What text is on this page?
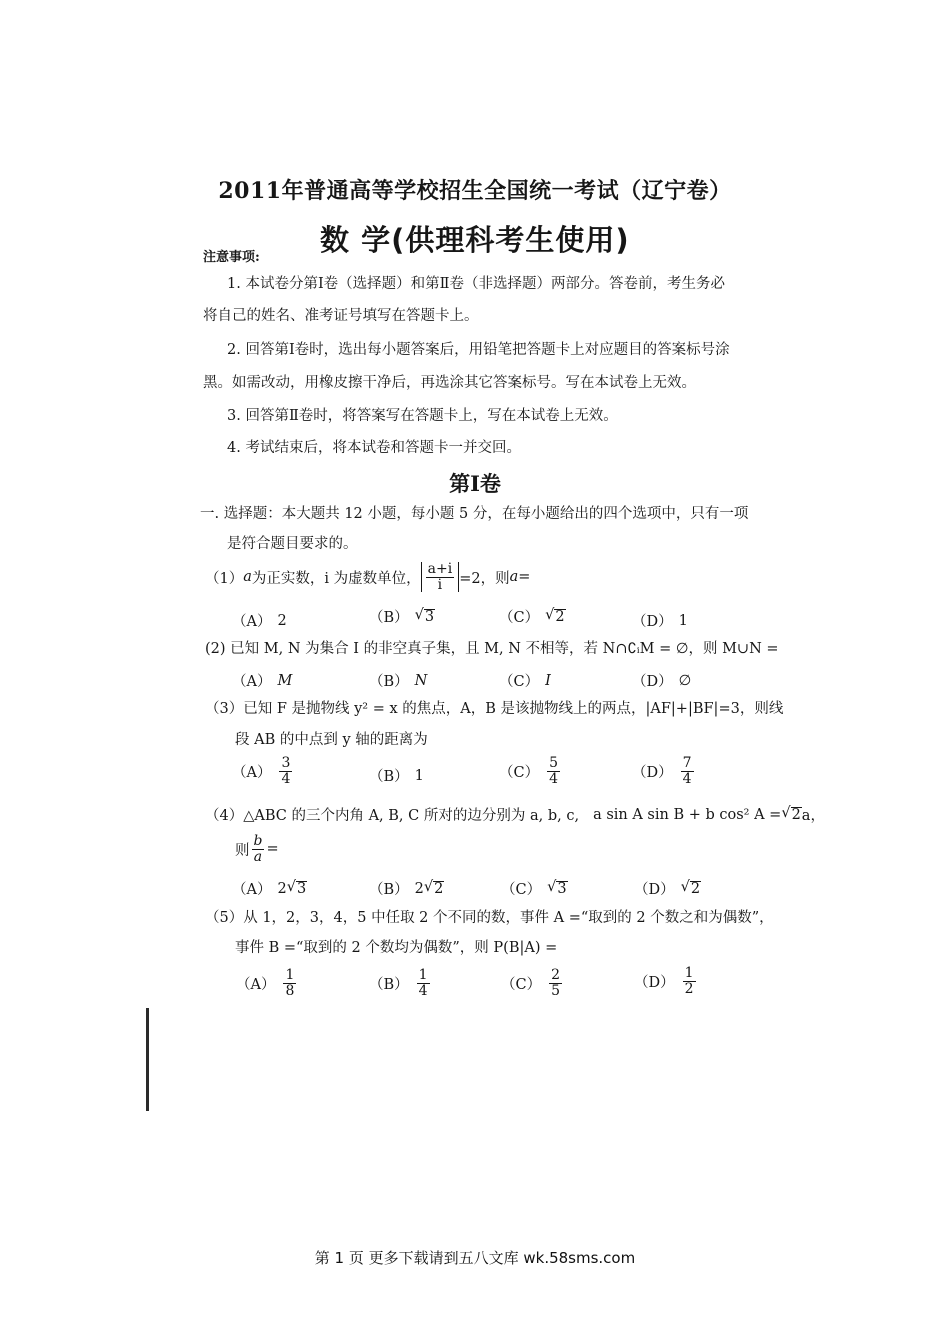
2011年普通高等学校招生全国统一考试（辽宁卷）
数 学(供理科考生使用)
注意事项:
1. 本试卷分第Ⅰ卷（选择题）和第Ⅱ卷（非选择题）两部分。答卷前，考生务必
将自己的姓名、准考证号填写在答题卡上。
2. 回答第Ⅰ卷时，选出每小题答案后，用铅笔把答题卡上对应题目的答案标号涂
黑。如需改动，用橡皮擦干净后，再选涂其它答案标号。写在本试卷上无效。
3. 回答第Ⅱ卷时，将答案写在答题卡上，写在本试卷上无效。
4. 考试结束后，将本试卷和答题卡一并交回。
第Ⅰ卷
一. 选择题：本大题共 12 小题，每小题 5 分，在每小题给出的四个选项中，只有一项
是符合题目要求的。
（1） a 为正实数，i 为虚数单位， $\frac{a+i}{i} =2$，则 a =
（A） 2	（B） √ 3	（C） √ 2	（D） 1
(2) 已知 M, N 为集合 I 的非空真子集，且 M, N 不相等，若 N∩∁ᵢM = ∅，则 M∪N =
（A） M	（B） N	（C） I	（D） ∅
（3）已知 F 是抛物线 y² = x 的焦点，A，B 是该抛物线上的两点，|AF|+|BF|=3，则线
段 AB 的中点到 y 轴的距离为
$(A) \frac{3}{4}$	（B） 1	$(C) \frac{5}{4}$	$(D) \frac{7}{4}$
（4）△ABC 的三个内角 A, B, C 所对的边分别为 a, b, c, a sin A sin B + b cos² A = √ 2 a，
则 $\frac{b}{a}$ =
（A） 2 √ 3	（B） 2 √ 2	（C） √ 3	（D） √ 2
（5）从 1，2，3，4，5 中任取 2 个不同的数，事件 A =“取到的 2 个数之和为偶数”，
事件 B =“取到的 2 个数均为偶数”，则 P(B|A) =
$(A) \frac{1}{8}$	$(B) \frac{1}{4}$	$(C) \frac{2}{5}$	$(D) \frac{1}{2}$
第 1 页 更多下载请到五八文库 wk.58sms.com
